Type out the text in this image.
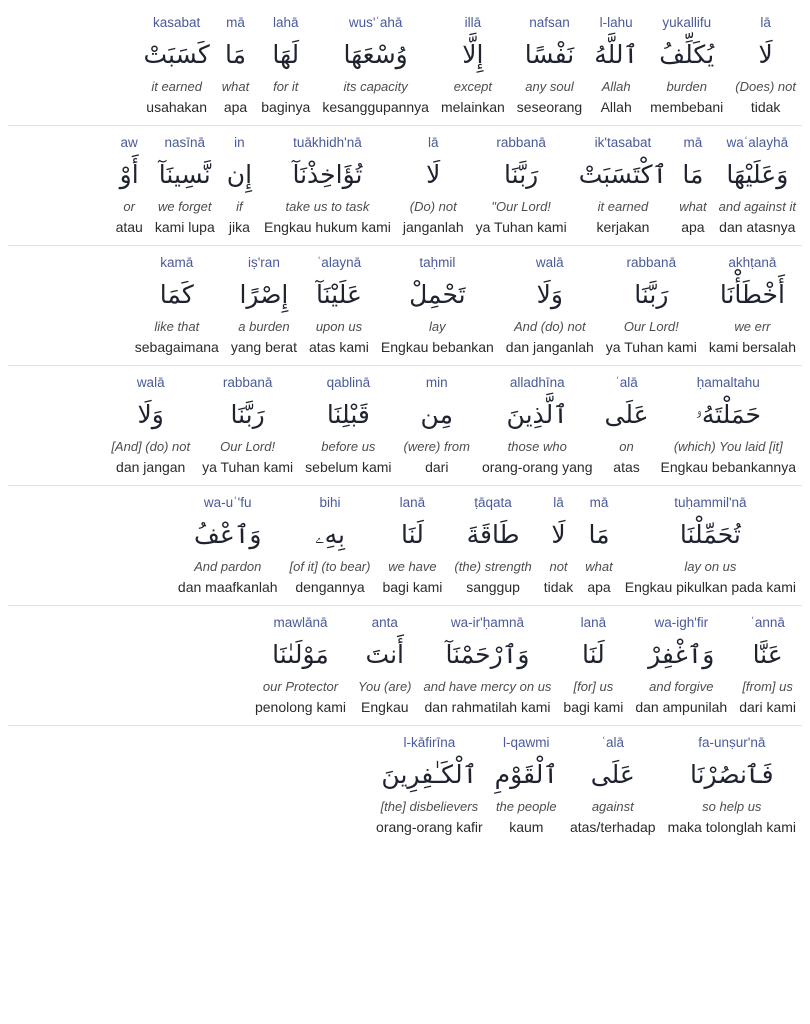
lā
لَا
(Does) not
tidak
yukallifu
يُكَلِّفُ
burden
membebani
l-lahu
ٱللَّهُ
Allah
Allah
nafsan
نَفْسًا
any soul
seseorang
illā
إِلَّا
except
melainkan
wus'ʿahā
وُسْعَهَا
its capacity
kesanggupannya
lahā
لَهَا
for it
baginya
mā
مَا
what
apa
kasabat
كَسَبَتْ
it earned
usahakan
waʿalayhā
وَعَلَيْهَا
and against it
dan atasnya
mā
مَا
what
apa
ik'tasabat
ٱكْتَسَبَتْ
it earned
kerjakan
rabbanā
رَبَّنَا
"Our Lord!
ya Tuhan kami
lā
لَا
(Do) not
janganlah
tuākhidh'nā
تُؤَاخِذْنَآ
take us to task
Engkau hukum kami
in
إِن
if
jika
nasīnā
نَّسِينَآ
we forget
kami lupa
aw
أَوْ
or
atau
akhṭanā
أَخْطَأْنَا
we err
kami bersalah
rabbanā
رَبَّنَا
Our Lord!
ya Tuhan kami
walā
وَلَا
And (do) not
dan janganlah
taḥmil
تَحْمِلْ
lay
Engkau bebankan
ʿalaynā
عَلَيْنَآ
upon us
atas kami
iṣ'ran
إِصْرًا
a burden
yang berat
kamā
كَمَا
like that
sebagaimana
ḥamaltahu
حَمَلْتَهُۥ
(which) You laid [it]
Engkau bebankannya
ʿalā
عَلَى
on
atas
alladhīna
ٱلَّذِينَ
those who
orang-orang yang
min
مِن
(were) from
dari
qablinā
قَبْلِنَا
before us
sebelum kami
rabbanā
رَبَّنَا
Our Lord!
ya Tuhan kami
walā
وَلَا
[And] (do) not
dan jangan
tuḥammil'nā
تُحَمِّلْنَا
lay on us
Engkau pikulkan pada kami
mā
مَا
what
apa
lā
لَا
not
tidak
ṭāqata
طَاقَةَ
(the) strength
sanggup
lanā
لَنَا
we have
bagi kami
bihi
بِهِۦ
[of it] (to bear)
dengannya
wa-uʿ'fu
وَٱعْفُ
And pardon
dan maafkanlah
ʿannā
عَنَّا
[from] us
dari kami
wa-igh'fir
وَٱغْفِرْ
and forgive
dan ampunilah
lanā
لَنَا
[for] us
bagi kami
wa-ir'ḥamnā
وَٱرْحَمْنَآ
and have mercy on us
dan rahmatilah kami
anta
أَنتَ
You (are)
Engkau
mawlānā
مَوْلَىٰنَا
our Protector
penolong kami
fa-unṣur'nā
فَٱنصُرْنَا
so help us
maka tolonglah kami
ʿalā
عَلَى
against
atas/terhadap
l-qawmi
ٱلْقَوْمِ
the people
kaum
l-kāfirīna
ٱلْكَـٰفِرِينَ
[the] disbelievers
orang-orang kafir
